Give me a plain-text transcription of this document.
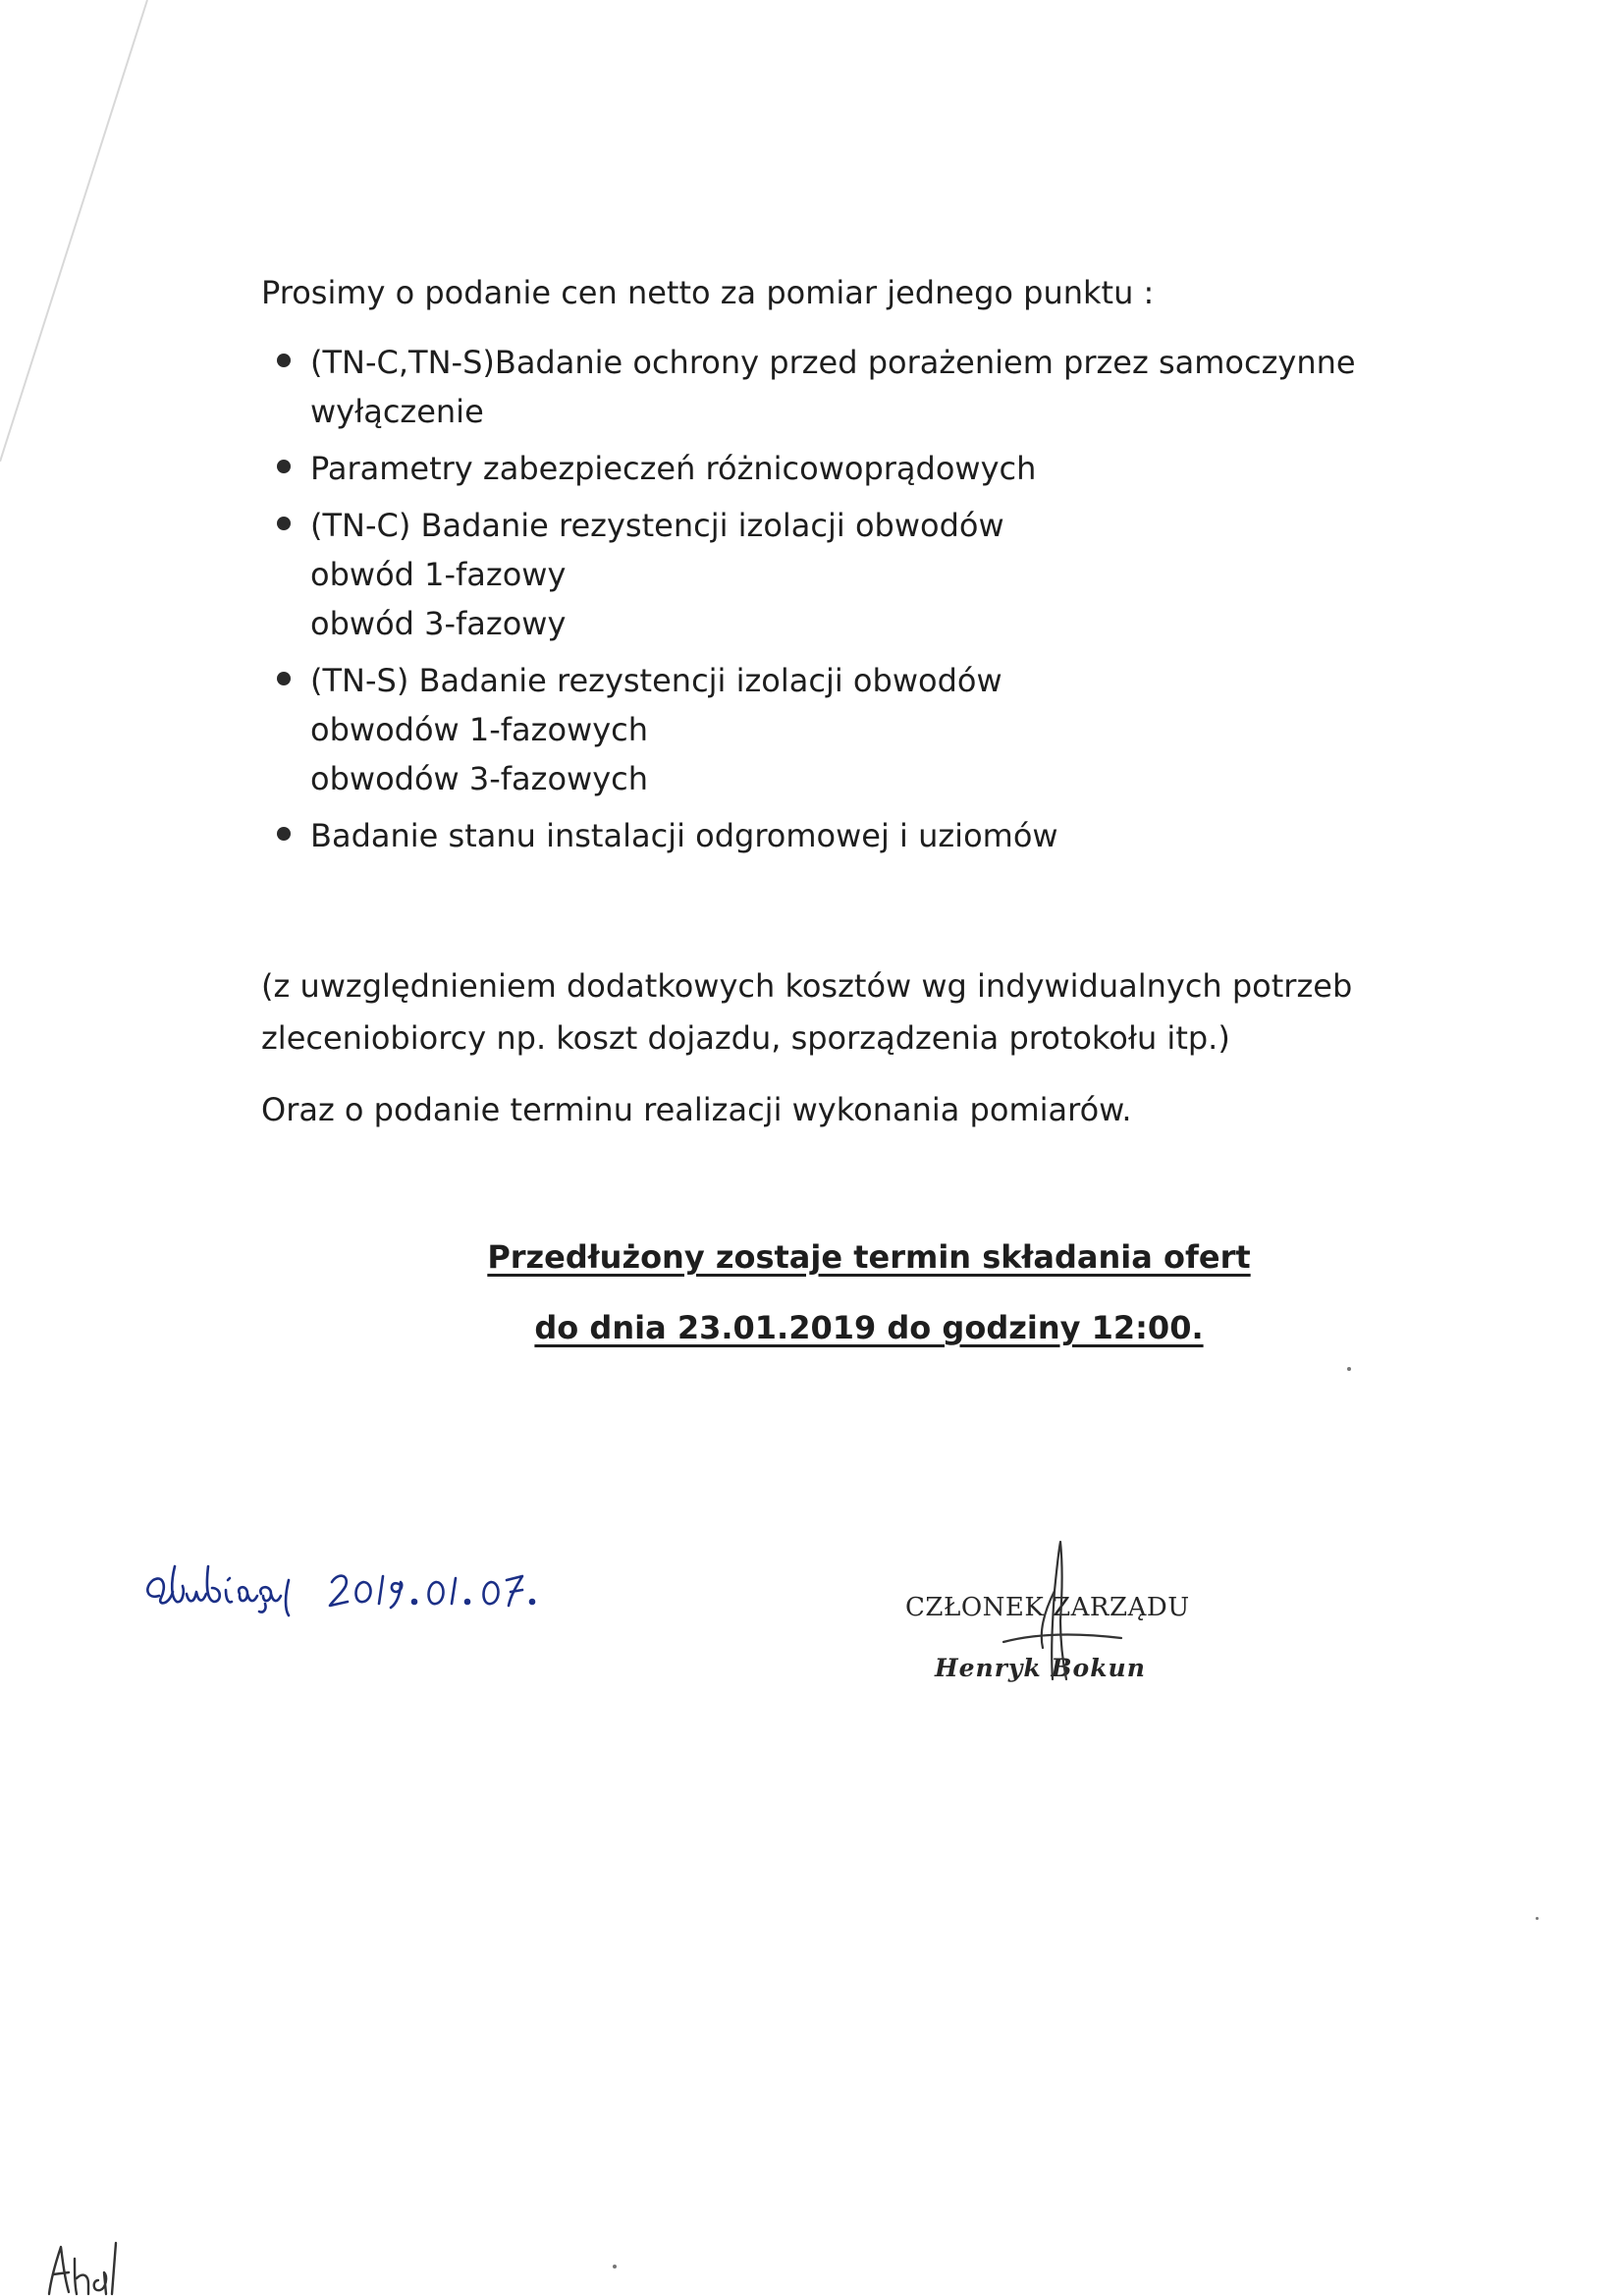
Prosimy o podanie cen netto za pomiar jednego punktu :

(TN-C,TN-S)Badanie ochrony przed porażeniem przez samoczynne
wyłączenie
Parametry zabezpieczeń różnicowoprądowych
(TN-C) Badanie rezystencji izolacji obwodów
obwód 1-fazowy
obwód 3-fazowy
(TN-S) Badanie rezystencji izolacji obwodów
obwodów 1-fazowych
obwodów 3-fazowych
Badanie stanu instalacji odgromowej i uziomów

(z uwzględnieniem dodatkowych kosztów wg indywidualnych potrzeb
zleceniobiorcy np. koszt dojazdu, sporządzenia protokołu itp.)

Oraz o podanie terminu realizacji wykonania pomiarów.

Przedłużony zostaje termin składania ofert

do dnia 23.01.2019 do godziny 12:00.

CZŁONEK ZARZĄDU
Henryk Bokun
